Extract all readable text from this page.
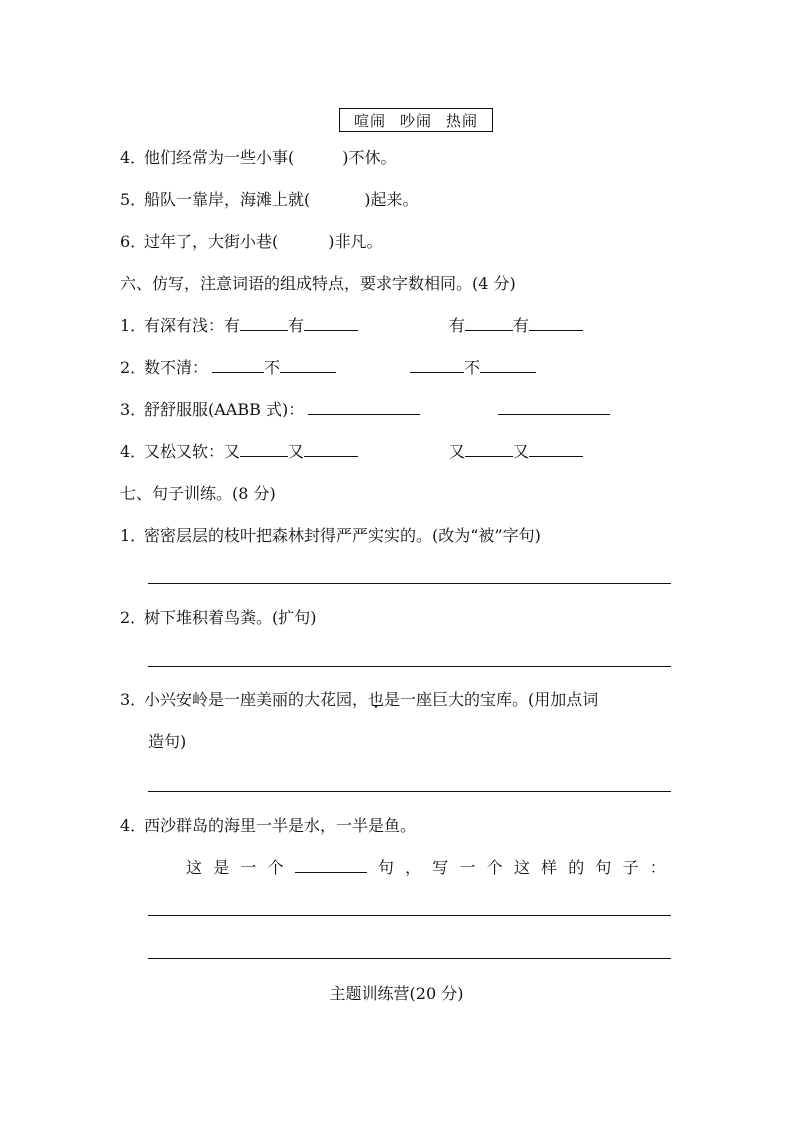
喧闹 吵闹 热闹
4．他们经常为一些小事(	)不休。
5．船队一靠岸，海滩上就(	)起来。
6．过年了，大街小巷(	)非凡。
六、仿写，注意词语的组成特点，要求字数相同。(4 分)
1．有深有浅：有	有	有	有
2．数不清：	不	不
3．舒舒服服(AABB 式)：
4．又松又软：又	又	又	又
七、句子训练。(8 分)
1．密密层层的枝叶把森林封得严严实实的。(改为“被”字句)
2．树下堆积着鸟粪。(扩句)
3．小兴安岭是一座美丽的大花园，也是一座巨大的宝库。(用加点词
造句)
4．西沙群岛的海里一半是水，一半是鱼。
这 是 一 个	句 ， 写 一 个 这 样 的 句 子 ：
主题训练营(20 分)
